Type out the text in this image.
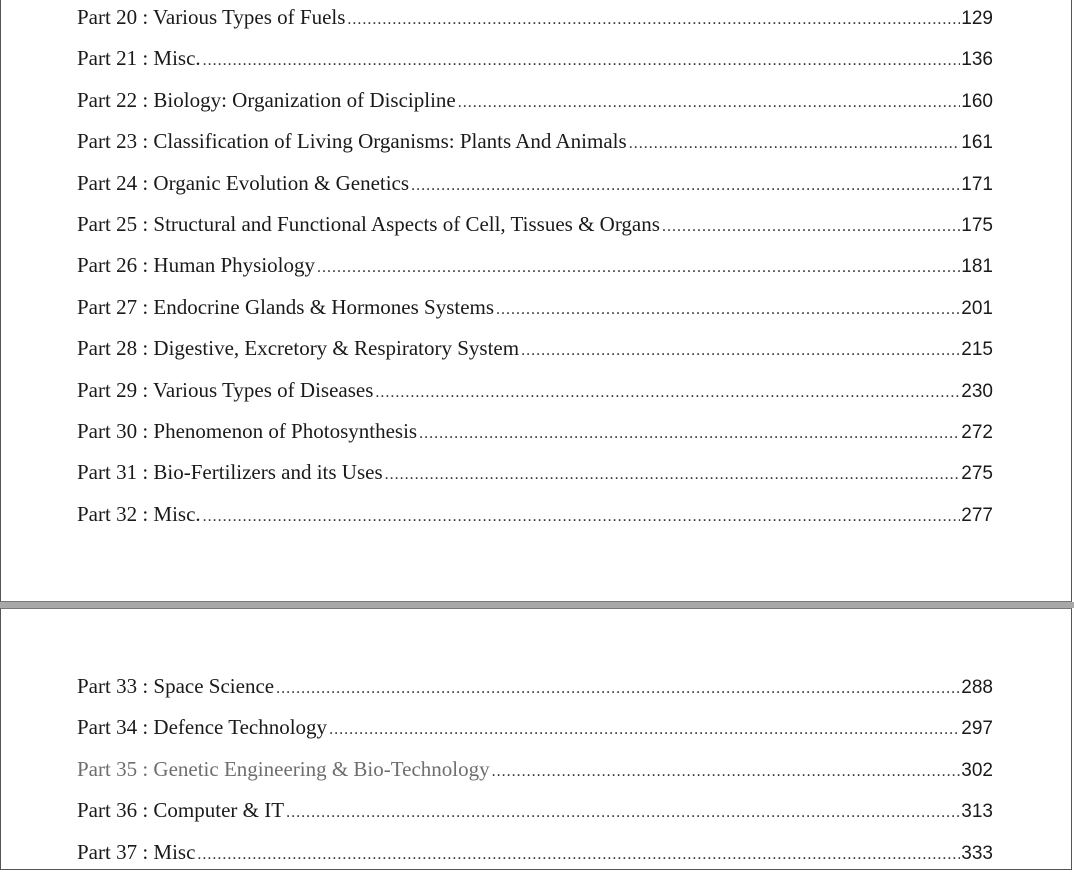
Part 20 : Various Types of Fuels .....	129
Part 21 : Misc. .....	136
Part 22 : Biology: Organization of Discipline .....	160
Part 23 : Classification of Living Organisms: Plants And Animals .....	161
Part 24 : Organic Evolution & Genetics .....	171
Part 25 : Structural and Functional Aspects of Cell, Tissues & Organs .....	175
Part 26 : Human Physiology .....	181
Part 27 : Endocrine Glands & Hormones Systems .....	201
Part 28 : Digestive, Excretory & Respiratory System .....	215
Part 29 : Various Types of Diseases .....	230
Part 30 : Phenomenon of Photosynthesis .....	272
Part 31 : Bio-Fertilizers and its Uses .....	275
Part 32 : Misc. .....	277
Part 33 : Space Science .....	288
Part 34 : Defence Technology .....	297
Part 35 : Genetic Engineering & Bio-Technology .....	302
Part 36 : Computer & IT .....	313
Part 37 : Misc .....	333
